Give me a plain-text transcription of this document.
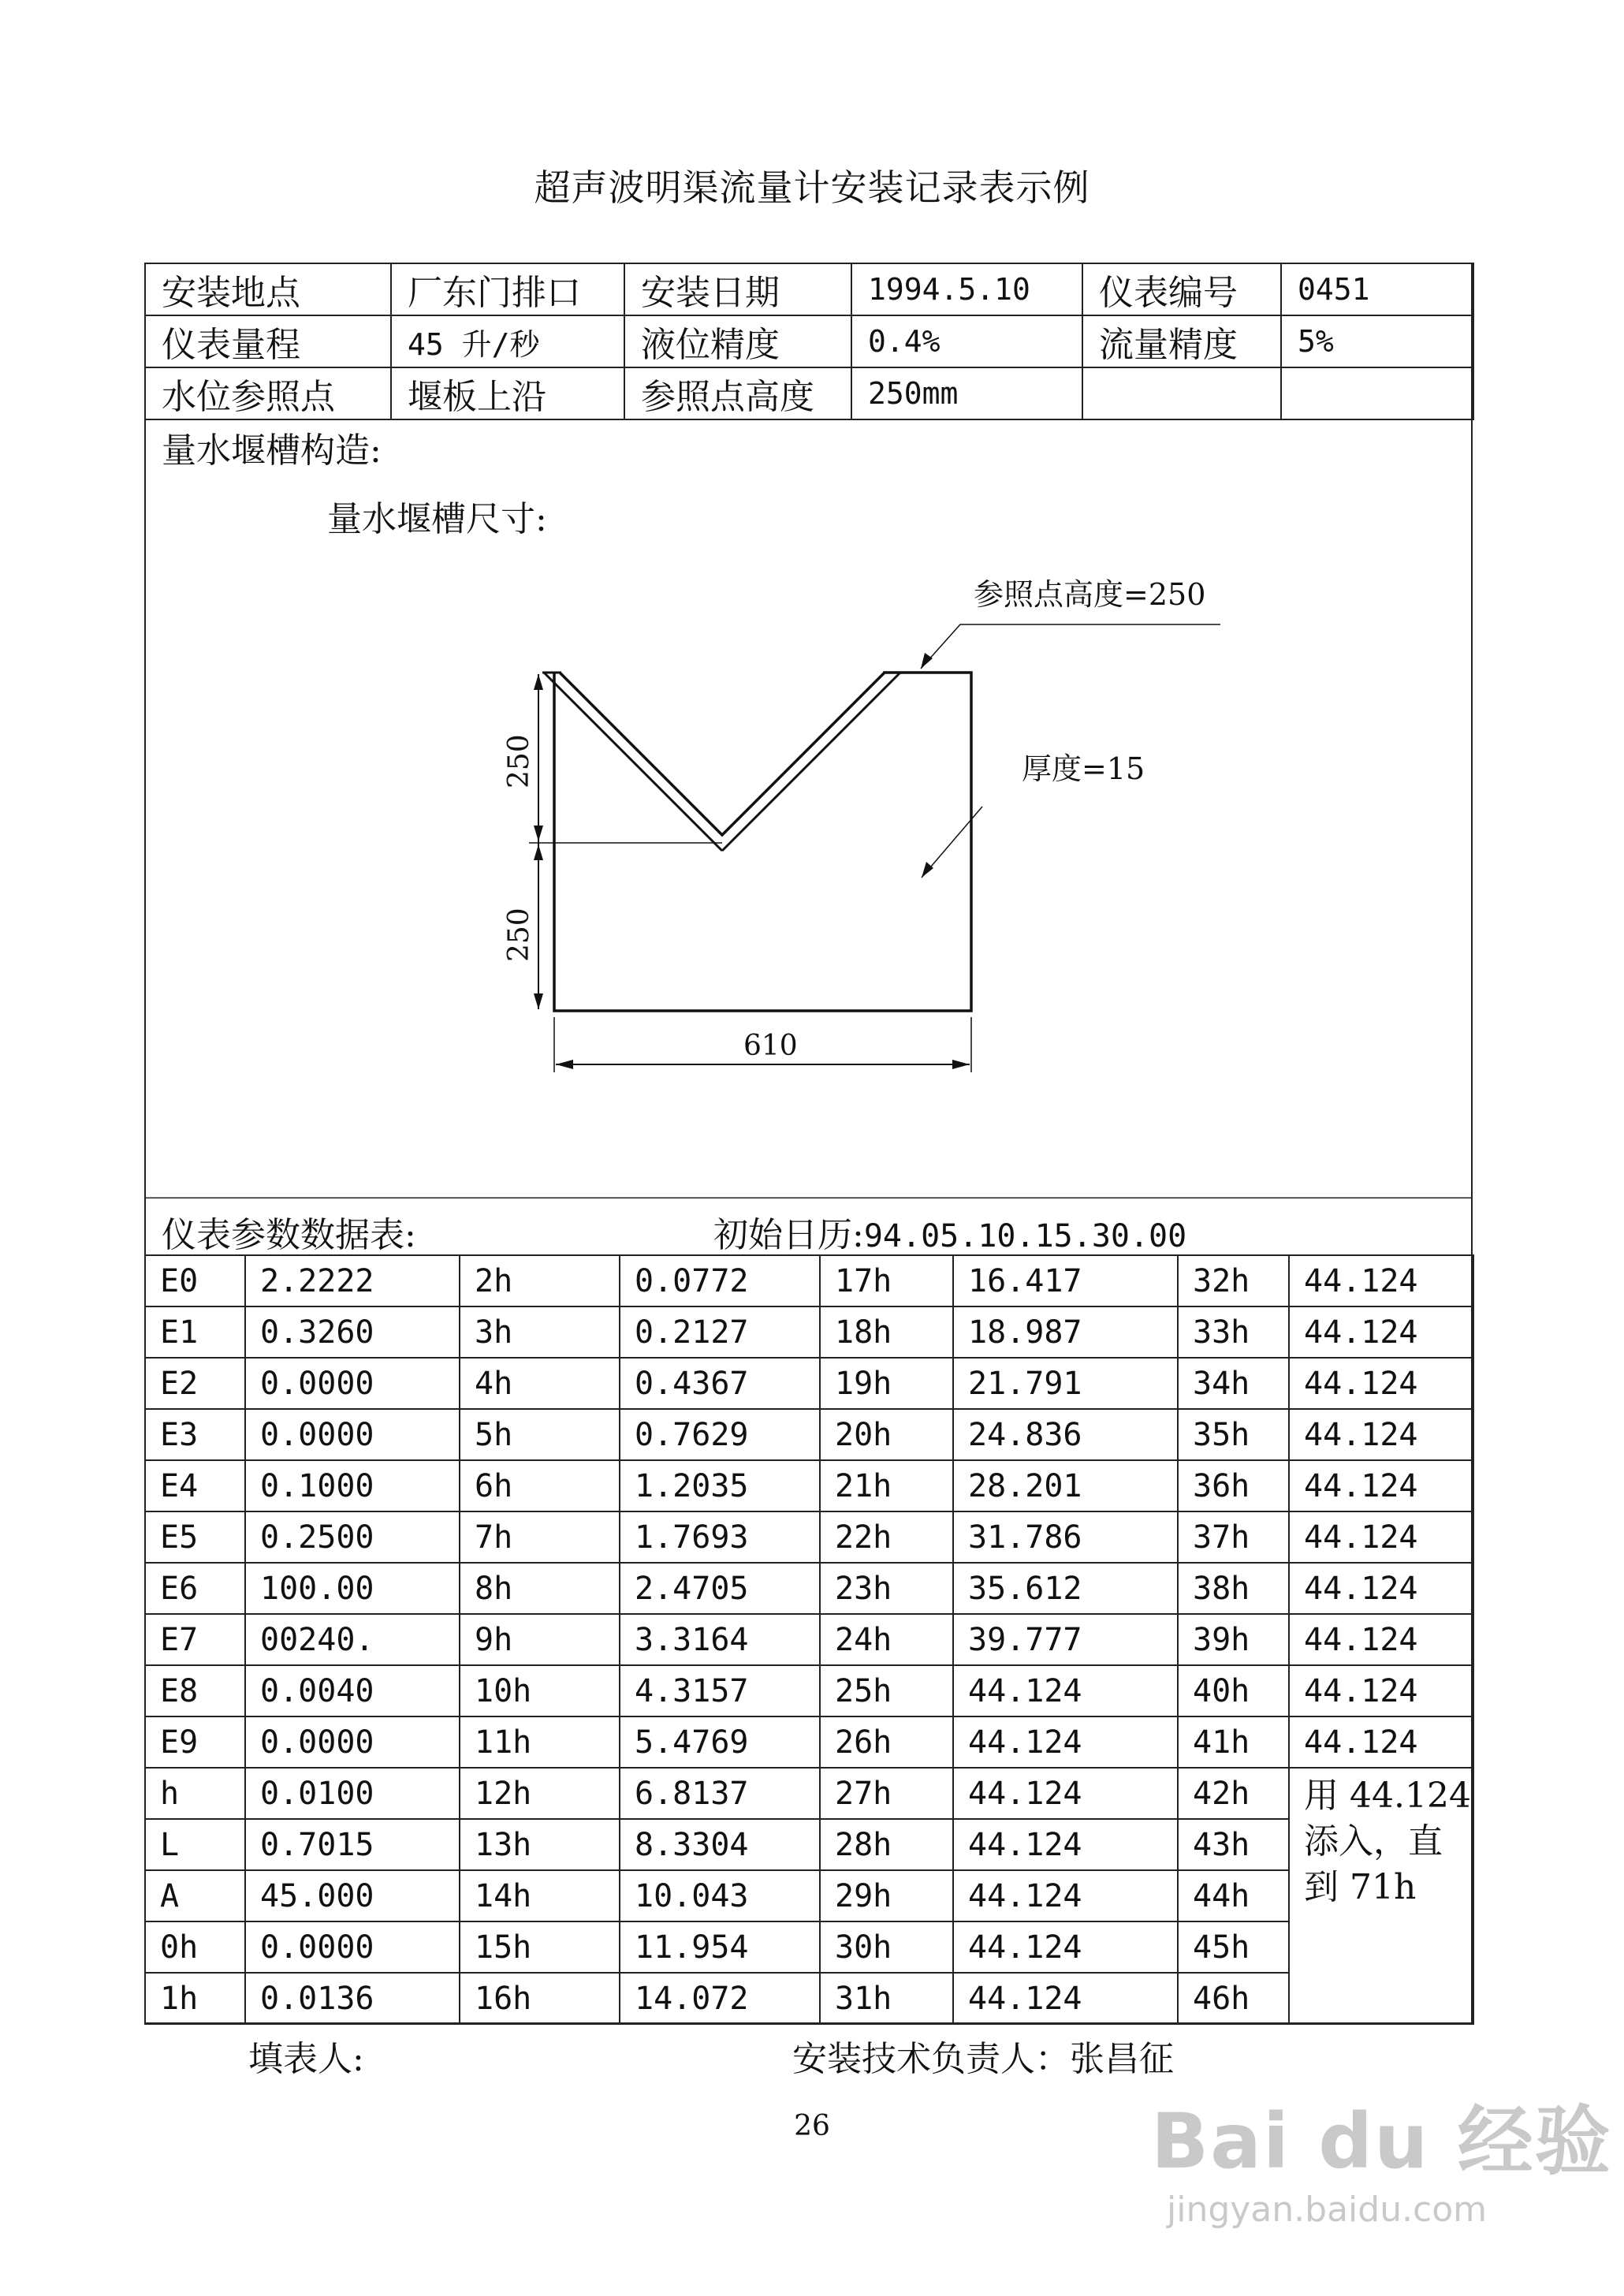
超声波明渠流量计安装记录表示例
安装地点	厂东门排口	安装日期	1994.5.10	仪表编号	0451
仪表量程	45 升/秒	液位精度	0.4%	流量精度	5%
水位参照点	堰板上沿	参照点高度	250mm		
量水堰槽构造:
量水堰槽尺寸:
参照点高度=250
厚度=15
250
250
610
仪表参数数据表:	初始日历:94.05.10.15.30.00
E0	2.2222	2h	0.0772	17h	16.417	32h	44.124
E1	0.3260	3h	0.2127	18h	18.987	33h	44.124
E2	0.0000	4h	0.4367	19h	21.791	34h	44.124
E3	0.0000	5h	0.7629	20h	24.836	35h	44.124
E4	0.1000	6h	1.2035	21h	28.201	36h	44.124
E5	0.2500	7h	1.7693	22h	31.786	37h	44.124
E6	100.00	8h	2.4705	23h	35.612	38h	44.124
E7	00240.	9h	3.3164	24h	39.777	39h	44.124
E8	0.0040	10h	4.3157	25h	44.124	40h	44.124
E9	0.0000	11h	5.4769	26h	44.124	41h	44.124
h	0.0100	12h	6.8137	27h	44.124	42h	用 44.124 添入，直到 71h
L	0.7015	13h	8.3304	28h	44.124	43h	
A	45.000	14h	10.043	29h	44.124	44h	
0h	0.0000	15h	11.954	30h	44.124	45h	
1h	0.0136	16h	14.072	31h	44.124	46h	
填表人:	安装技术负责人：张昌征
26	Bai du 经验
jingyan.baidu.com
